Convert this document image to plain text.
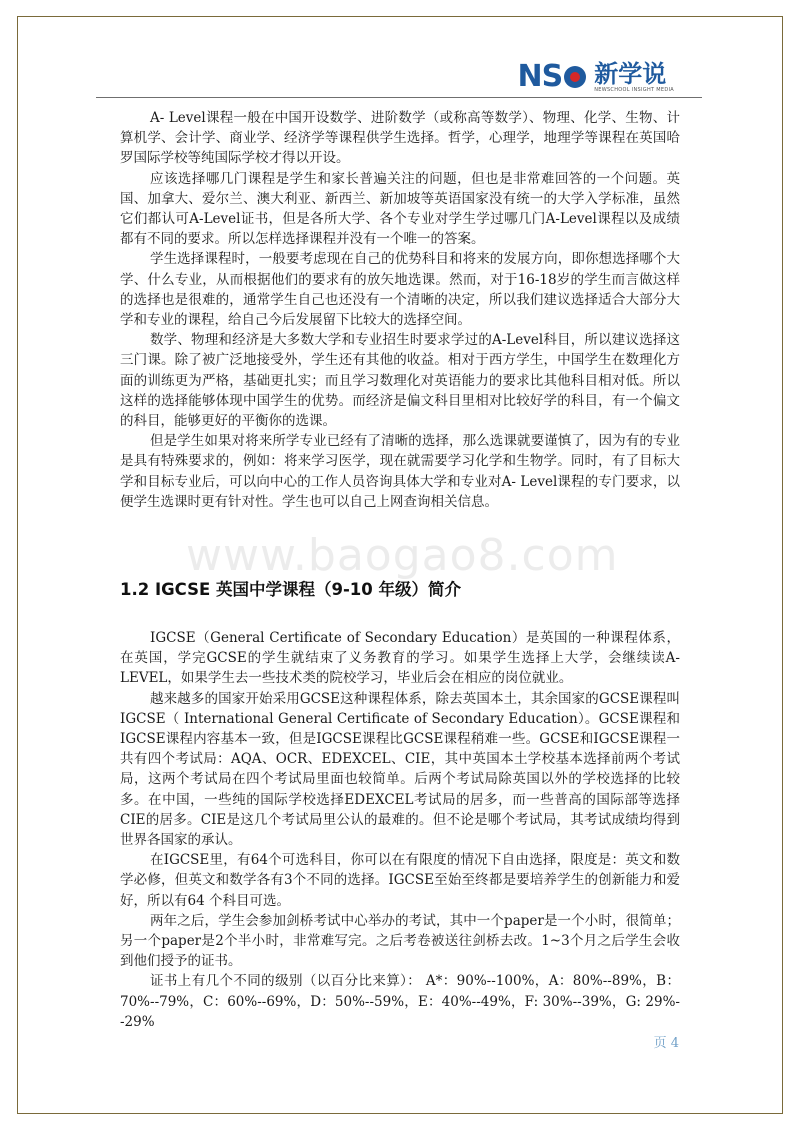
NS 新学说
NEWSCHOOL INSIGHT MEDIA

A- Level课程一般在中国开设数学、进阶数学（或称高等数学）、物理、化学、生物、计算机学、会计学、商业学、经济学等课程供学生选择。哲学，心理学，地理学等课程在英国哈罗国际学校等纯国际学校才得以开设。

应该选择哪几门课程是学生和家长普遍关注的问题，但也是非常难回答的一个问题。英国、加拿大、爱尔兰、澳大利亚、新西兰、新加坡等英语国家没有统一的大学入学标准，虽然它们都认可A-Level证书，但是各所大学、各个专业对学生学过哪几门A-Level课程以及成绩都有不同的要求。所以怎样选择课程并没有一个唯一的答案。

学生选择课程时，一般要考虑现在自己的优势科目和将来的发展方向，即你想选择哪个大学、什么专业，从而根据他们的要求有的放矢地选课。然而，对于16-18岁的学生而言做这样的选择也是很难的，通常学生自己也还没有一个清晰的决定，所以我们建议选择适合大部分大学和专业的课程，给自己今后发展留下比较大的选择空间。

数学、物理和经济是大多数大学和专业招生时要求学过的A-Level科目，所以建议选择这三门课。除了被广泛地接受外，学生还有其他的收益。相对于西方学生，中国学生在数理化方面的训练更为严格，基础更扎实；而且学习数理化对英语能力的要求比其他科目相对低。所以这样的选择能够体现中国学生的优势。而经济是偏文科目里相对比较好学的科目，有一个偏文的科目，能够更好的平衡你的选课。

但是学生如果对将来所学专业已经有了清晰的选择，那么选课就要谨慎了，因为有的专业是具有特殊要求的，例如：将来学习医学，现在就需要学习化学和生物学。同时，有了目标大学和目标专业后，可以向中心的工作人员咨询具体大学和专业对A- Level课程的专门要求，以便学生选课时更有针对性。学生也可以自己上网查询相关信息。

www.baogao8.com
1.2 IGCSE 英国中学课程（9-10 年级）简介

IGCSE（General Certificate of Secondary Education）是英国的一种课程体系，在英国，学完GCSE的学生就结束了义务教育的学习。如果学生选择上大学，会继续读A-LEVEL，如果学生去一些技术类的院校学习，毕业后会在相应的岗位就业。

越来越多的国家开始采用GCSE这种课程体系，除去英国本土，其余国家的GCSE课程叫IGCSE（ International General Certificate of Secondary Education）。GCSE课程和IGCSE课程内容基本一致，但是IGCSE课程比GCSE课程稍难一些。GCSE和IGCSE课程一共有四个考试局：AQA、OCR、EDEXCEL、CIE，其中英国本土学校基本选择前两个考试局，这两个考试局在四个考试局里面也较简单。后两个考试局除英国以外的学校选择的比较多。在中国，一些纯的国际学校选择EDEXCEL考试局的居多，而一些普高的国际部等选择CIE的居多。CIE是这几个考试局里公认的最难的。但不论是哪个考试局，其考试成绩均得到世界各国家的承认。

在IGCSE里，有64个可选科目，你可以在有限度的情况下自由选择，限度是：英文和数学必修，但英文和数学各有3个不同的选择。IGCSE至始至终都是要培养学生的创新能力和爱好，所以有64 个科目可选。

两年之后，学生会参加剑桥考试中心举办的考试，其中一个paper是一个小时，很简单；另一个paper是2个半小时，非常难写完。之后考卷被送往剑桥去改。1~3个月之后学生会收到他们授予的证书。

证书上有几个不同的级别（以百分比来算）： A*：90%--100%，A：80%--89%，B：70%--79%，C：60%--69%，D：50%--59%，E：40%--49%，F: 30%--39%，G: 29%--29%

页 4
